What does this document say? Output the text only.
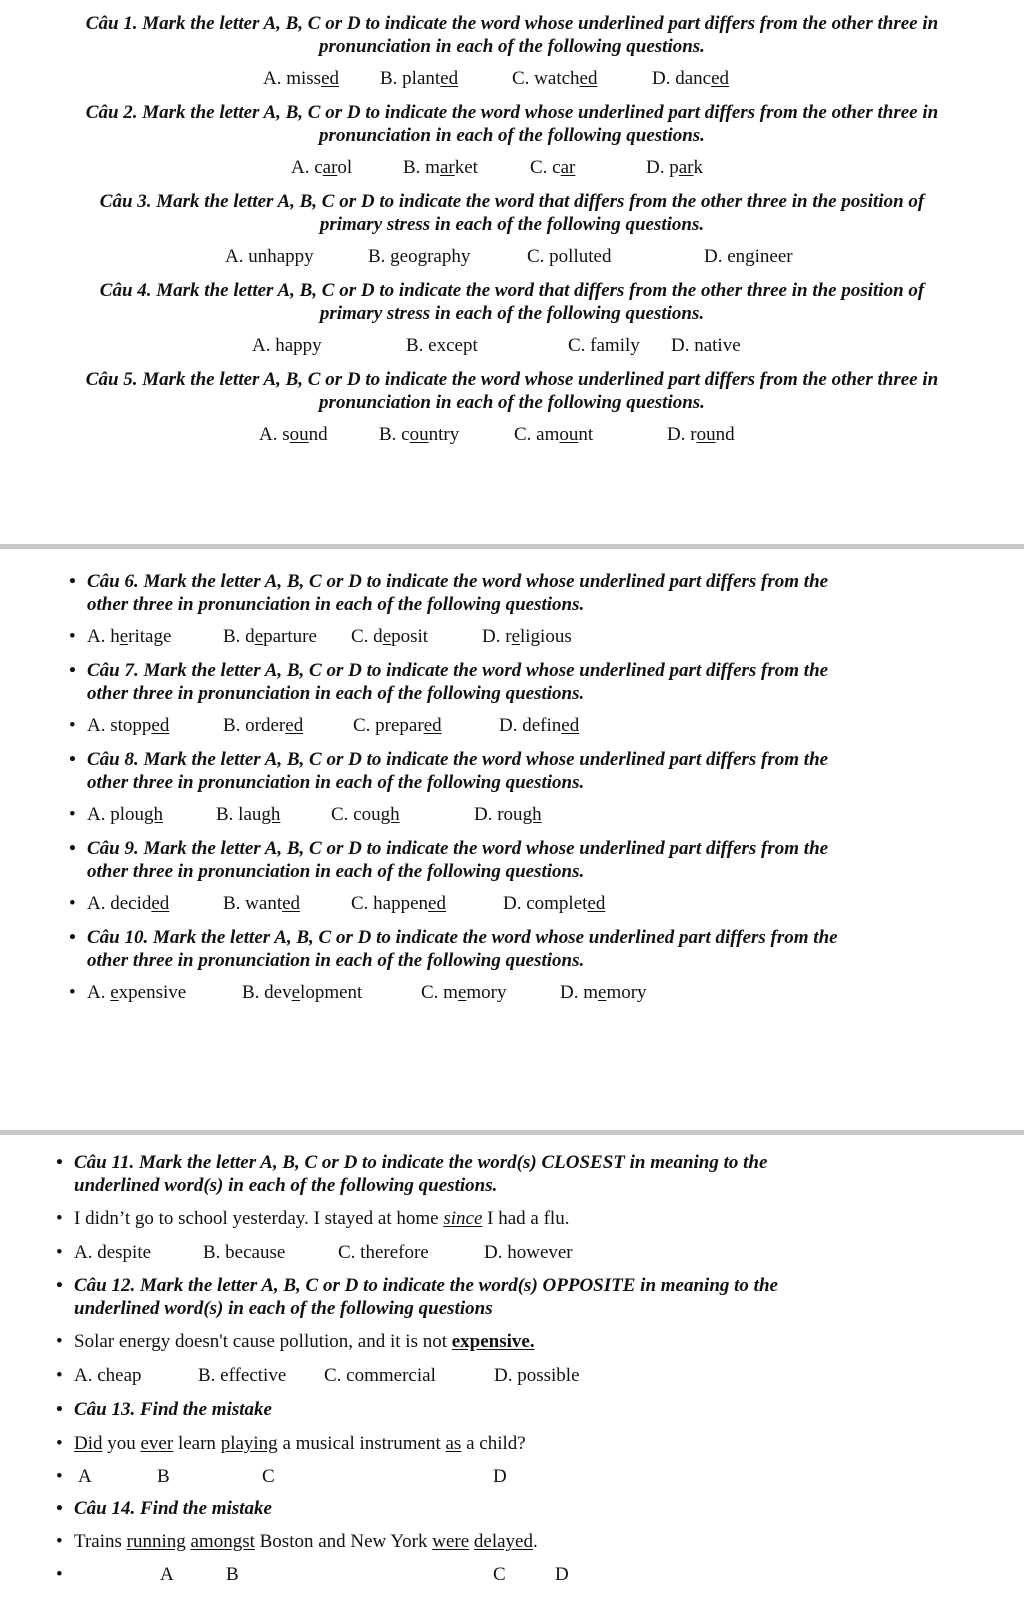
Câu 1. Mark the letter A, B, C or D to indicate the word whose underlined part differs from the other three in
pronunciation in each of the following questions.
A. missed B. planted	C. watched	D. danced
Câu 2. Mark the letter A, B, C or D to indicate the word whose underlined part differs from the other three in
pronunciation in each of the following questions.
A. carol	B. market	C. car	D. park
Câu 3. Mark the letter A, B, C or D to indicate the word that differs from the other three in the position of
primary stress in each of the following questions.
A. unhappy	B. geography	C. polluted	D. engineer
Câu 4. Mark the letter A, B, C or D to indicate the word that differs from the other three in the position of
primary stress in each of the following questions.
A. happy	B. except	C. family D. native
Câu 5. Mark the letter A, B, C or D to indicate the word whose underlined part differs from the other three in
pronunciation in each of the following questions.
A. sound	B. country	C. amount	D. round
• Câu 6. Mark the letter A, B, C or D to indicate the word whose underlined part differs from the
other three in pronunciation in each of the following questions.
• A. heritage	B. departure C. deposit	D. religious
• Câu 7. Mark the letter A, B, C or D to indicate the word whose underlined part differs from the
other three in pronunciation in each of the following questions.
• A. stopped	B. ordered	C. prepared	D. defined
• Câu 8. Mark the letter A, B, C or D to indicate the word whose underlined part differs from the
other three in pronunciation in each of the following questions.
• A. plough	B. laugh	C. cough	D. rough
• Câu 9. Mark the letter A, B, C or D to indicate the word whose underlined part differs from the
other three in pronunciation in each of the following questions.
• A. decided	B. wanted	C. happened	D. completed
• Câu 10. Mark the letter A, B, C or D to indicate the word whose underlined part differs from the
other three in pronunciation in each of the following questions.
• A. expensive	B. development	C. memory	D. memory
• Câu 11. Mark the letter A, B, C or D to indicate the word(s) CLOSEST in meaning to the
underlined word(s) in each of the following questions.
• I didn’t go to school yesterday. I stayed at home since I had a flu.
• A. despite	B. because	C. therefore	D. however
• Câu 12. Mark the letter A, B, C or D to indicate the word(s) OPPOSITE in meaning to the
underlined word(s) in each of the following questions
• Solar energy doesn't cause pollution, and it is not expensive.
• A. cheap	B. effective C. commercial	D. possible
• Câu 13. Find the mistake
• Did you ever learn playing a musical instrument as a child?
• A	B	C	D
• Câu 14. Find the mistake
• Trains running amongst Boston and New York were delayed.
•	A	B	C	D
